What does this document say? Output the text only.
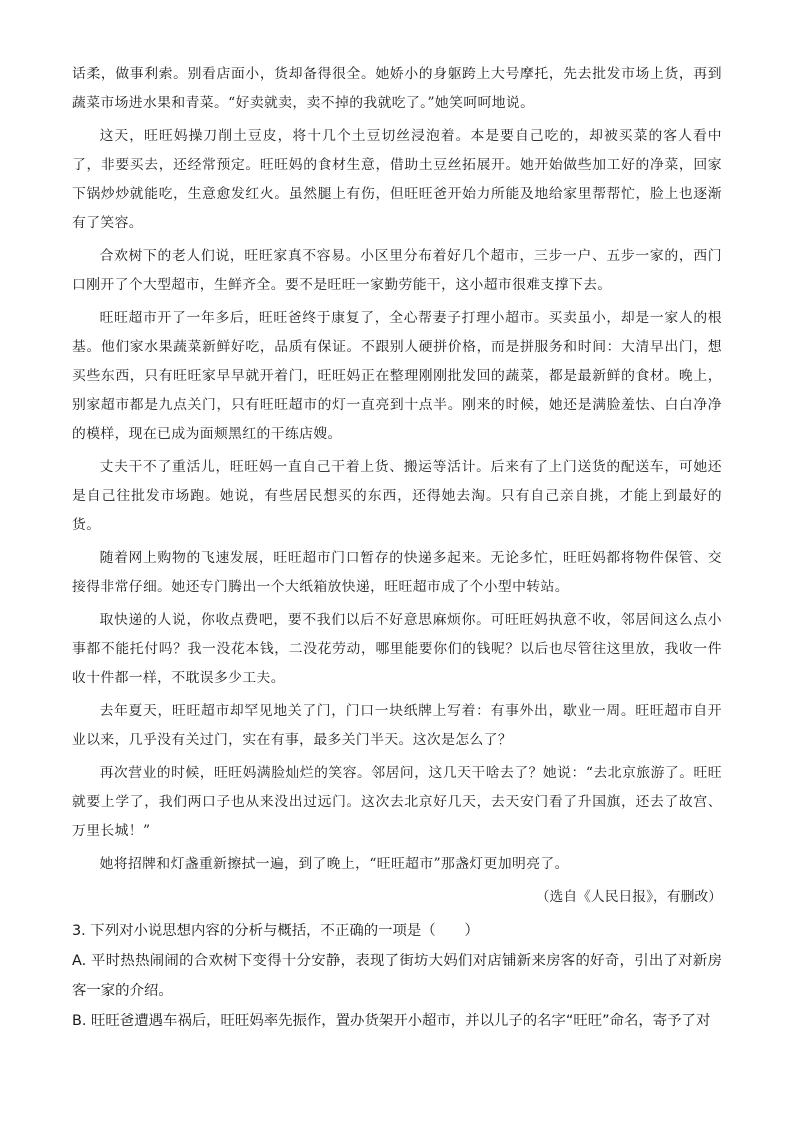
话柔，做事利索。别看店面小，货却备得很全。她娇小的身躯跨上大号摩托，先去批发市场上货，再到蔬菜市场进水果和青菜。“好卖就卖，卖不掉的我就吃了。”她笑呵呵地说。

这天，旺旺妈操刀削土豆皮，将十几个土豆切丝浸泡着。本是要自己吃的，却被买菜的客人看中了，非要买去，还经常预定。旺旺妈的食材生意，借助土豆丝拓展开。她开始做些加工好的净菜，回家下锅炒炒就能吃，生意愈发红火。虽然腿上有伤，但旺旺爸开始力所能及地给家里帮帮忙，脸上也逐渐有了笑容。

合欢树下的老人们说，旺旺家真不容易。小区里分布着好几个超市，三步一户、五步一家的，西门口刚开了个大型超市，生鲜齐全。要不是旺旺一家勤劳能干，这小超市很难支撑下去。

旺旺超市开了一年多后，旺旺爸终于康复了，全心帮妻子打理小超市。买卖虽小，却是一家人的根基。他们家水果蔬菜新鲜好吃，品质有保证。不跟别人硬拼价格，而是拼服务和时间：大清早出门，想买些东西，只有旺旺家早早就开着门，旺旺妈正在整理刚刚批发回的蔬菜，都是最新鲜的食材。晚上，别家超市都是九点关门，只有旺旺超市的灯一直亮到十点半。刚来的时候，她还是满脸羞怯、白白净净的模样，现在已成为面颊黑红的干练店嫂。

丈夫干不了重活儿，旺旺妈一直自己干着上货、搬运等活计。后来有了上门送货的配送车，可她还是自己往批发市场跑。她说，有些居民想买的东西，还得她去淘。只有自己亲自挑，才能上到最好的货。

随着网上购物的飞速发展，旺旺超市门口暂存的快递多起来。无论多忙，旺旺妈都将物件保管、交接得非常仔细。她还专门腾出一个大纸箱放快递，旺旺超市成了个小型中转站。

取快递的人说，你收点费吧，要不我们以后不好意思麻烦你。可旺旺妈执意不收，邻居间这么点小事都不能托付吗？我一没花本钱，二没花劳动，哪里能要你们的钱呢？以后也尽管往这里放，我收一件收十件都一样，不耽误多少工夫。

去年夏天，旺旺超市却罕见地关了门，门口一块纸牌上写着：有事外出，歇业一周。旺旺超市自开业以来，几乎没有关过门，实在有事，最多关门半天。这次是怎么了？

再次营业的时候，旺旺妈满脸灿烂的笑容。邻居问，这几天干啥去了？她说：“去北京旅游了。旺旺就要上学了，我们两口子也从来没出过远门。这次去北京好几天，去天安门看了升国旗，还去了故宫、万里长城！”

她将招牌和灯盏重新擦拭一遍，到了晚上，“旺旺超市”那盏灯更加明亮了。

（选自《人民日报》，有删改）

3. 下列对小说思想内容的分析与概括，不正确的一项是（　　）

A. 平时热热闹闹的合欢树下变得十分安静，表现了街坊大妈们对店铺新来房客的好奇，引出了对新房客一家的介绍。

B. 旺旺爸遭遇车祸后，旺旺妈率先振作，置办货架开小超市，并以儿子的名字“旺旺”命名，寄予了对
